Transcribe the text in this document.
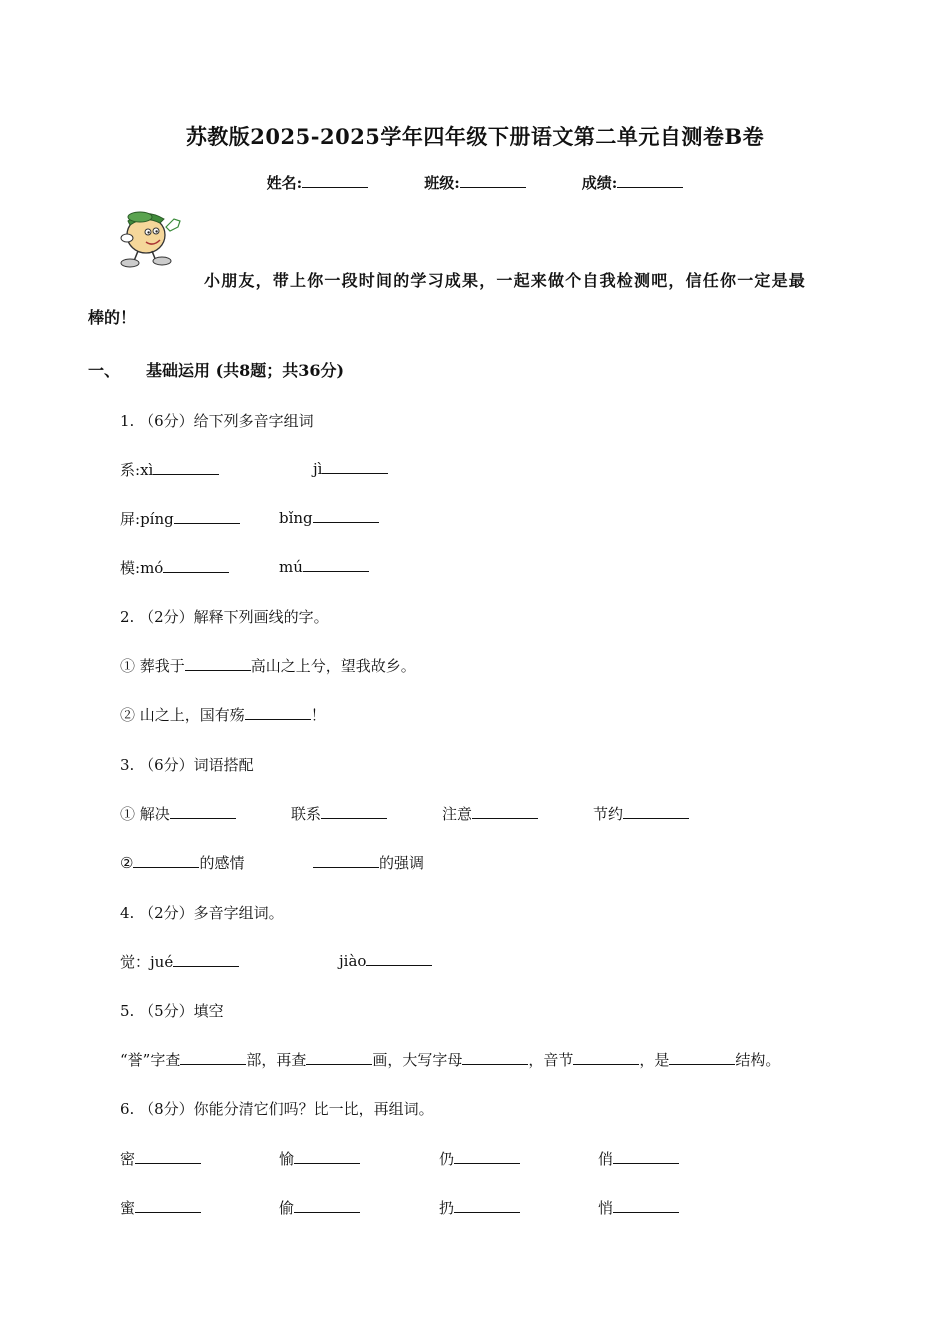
苏教版2025-2025学年四年级下册语文第二单元自测卷B卷
姓名:	班级:	成绩:
小朋友，带上你一段时间的学习成果，一起来做个自我检测吧，信任你一定是最
棒的！
一、 基础运用 (共8题；共36分)
1. （6分）给下列多音字组词
系:xì	jì
屏:píng	bǐng
模:mó	mú
2. （2分）解释下列画线的字。
① 葬我于	高山之上兮，望我故乡。
② 山之上，国有殇	！
3. （6分）词语搭配
① 解决	联系	注意	节约
②	的感情	的强调
4. （2分）多音字组词。
觉：jué	jiào
5. （5分）填空
“誉”字查	部，再查	画，大写字母	，音节	，是	结构。
6. （8分）你能分清它们吗？比一比，再组词。
密	愉	仍	俏
蜜	偷	扔	悄
